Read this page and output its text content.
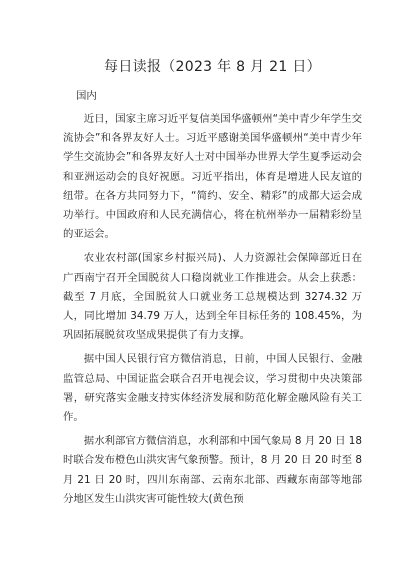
每日读报（2023 年 8 月 21 日）
国内

近日，国家主席习近平复信美国华盛顿州“美中青少年学生交流协会”和各界友好人士。习近平感谢美国华盛顿州“美中青少年学生交流协会”和各界友好人士对中国举办世界大学生夏季运动会和亚洲运动会的良好祝愿。习近平指出，体育是增进人民友谊的纽带。在各方共同努力下，“简约、安全、精彩”的成都大运会成功举行。中国政府和人民充满信心，将在杭州举办一届精彩纷呈的亚运会。

农业农村部(国家乡村振兴局)、人力资源社会保障部近日在广西南宁召开全国脱贫人口稳岗就业工作推进会。从会上获悉：截至 7 月底，全国脱贫人口就业务工总规模达到 3274.32 万人，同比增加 34.79 万人，达到全年目标任务的 108.45%，为巩固拓展脱贫攻坚成果提供了有力支撑。

据中国人民银行官方微信消息，日前，中国人民银行、金融监管总局、中国证监会联合召开电视会议，学习贯彻中央决策部署，研究落实金融支持实体经济发展和防范化解金融风险有关工作。

据水利部官方微信消息，水利部和中国气象局 8 月 20 日 18 时联合发布橙色山洪灾害气象预警。预计，8 月 20 日 20 时至 8 月 21 日 20 时，四川东南部、云南东北部、西藏东南部等地部分地区发生山洪灾害可能性较大(黄色预
